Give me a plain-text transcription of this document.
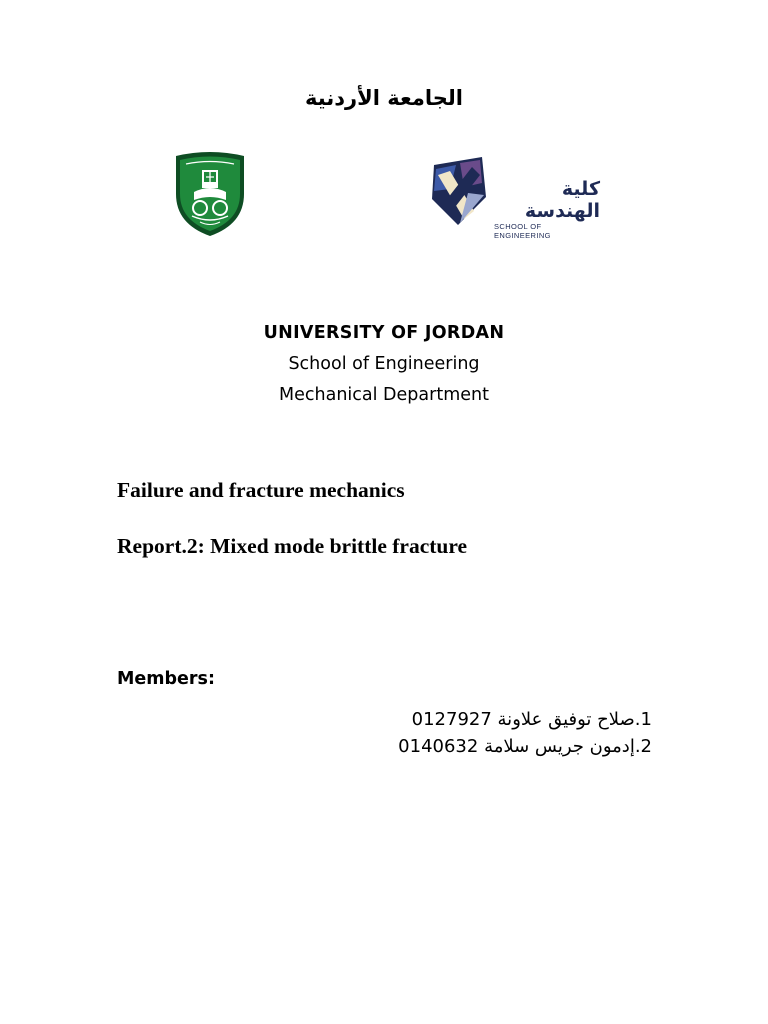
الجامعة الأردنية
كلية الهندسة
SCHOOL OF ENGINEERING
UNIVERSITY OF JORDAN
School of Engineering
Mechanical Department
Failure and fracture mechanics
Report.2: Mixed mode brittle fracture
Members:
1.صلاح توفيق علاونة 0127927
2.إدمون جريس سلامة 0140632
